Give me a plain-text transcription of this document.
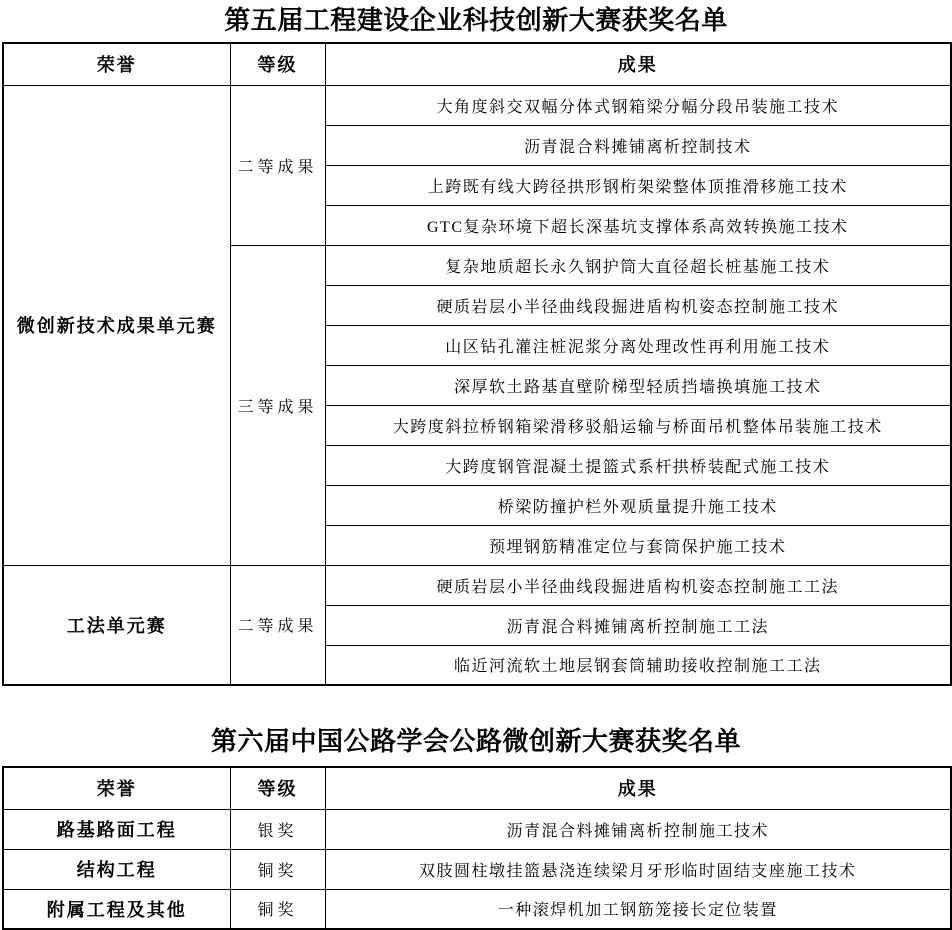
第五届工程建设企业科技创新大赛获奖名单
荣誉	等级	成果
微创新技术成果单元赛	二等成果	大角度斜交双幅分体式钢箱梁分幅分段吊装施工技术
		沥青混合料摊铺离析控制技术
		上跨既有线大跨径拱形钢桁架梁整体顶推滑移施工技术
		GTC复杂环境下超长深基坑支撑体系高效转换施工技术
	三等成果	复杂地质超长永久钢护筒大直径超长桩基施工技术
		硬质岩层小半径曲线段掘进盾构机姿态控制施工技术
		山区钻孔灌注桩泥浆分离处理改性再利用施工技术
		深厚软土路基直壁阶梯型轻质挡墙换填施工技术
		大跨度斜拉桥钢箱梁滑移驳船运输与桥面吊机整体吊装施工技术
		大跨度钢管混凝土提篮式系杆拱桥装配式施工技术
		桥梁防撞护栏外观质量提升施工技术
		预埋钢筋精准定位与套筒保护施工技术
工法单元赛	二等成果	硬质岩层小半径曲线段掘进盾构机姿态控制施工工法
		沥青混合料摊铺离析控制施工工法
		临近河流软土地层钢套筒辅助接收控制施工工法
第六届中国公路学会公路微创新大赛获奖名单
荣誉	等级	成果
路基路面工程	银奖	沥青混合料摊铺离析控制施工技术
结构工程	铜奖	双肢圆柱墩挂篮悬浇连续梁月牙形临时固结支座施工技术
附属工程及其他	铜奖	一种滚焊机加工钢筋笼接长定位装置
